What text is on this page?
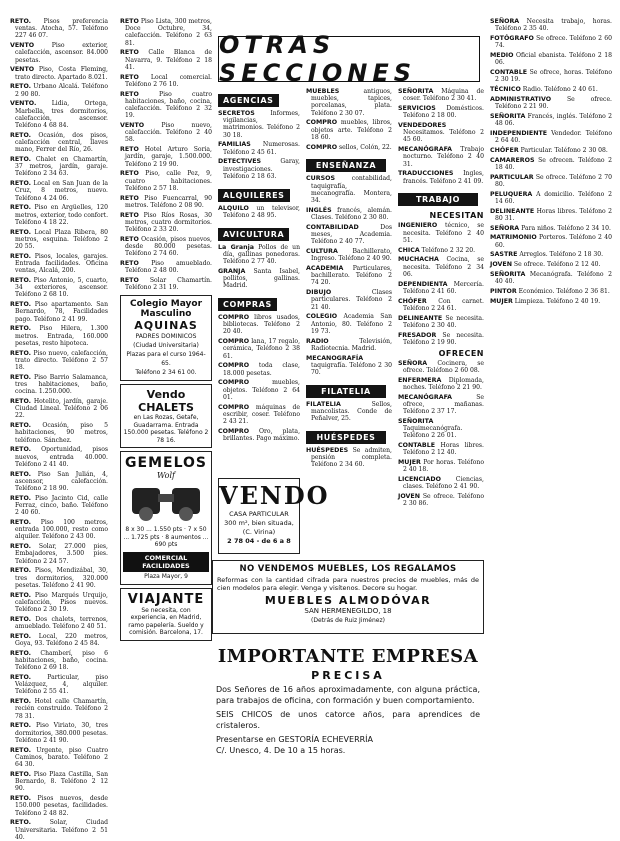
RETO. Pisos preferencia ventas. Atocha, 57. Teléfono 227 46 07.

VENTO Piso exterior, calefacción, ascensor. 84.000 pesetas.

VENTO Piso, Costa Fleming, trato directo. Apartado 8.021.

RETO. Urbano Alcalá. Teléfono 2 90 80.

VENTO. Lidia, Ortega, Marbella, tres dormitorios, calefacción, ascensor. Teléfono 4 68 84.

RETO. Ocasión, dos pisos, calefacción central, llaves mano, Ferrer del Río, 26.

RETO. Chalet en Chamartín, 37 metros, jardín, garaje. Teléfono 2 34 63.

RETO. Local en San Juan de la Cruz, 8 metros, nuevo. Teléfono 4 24 06.

RETO. Piso en Argüelles, 120 metros, exterior, todo confort. Teléfono 4 18 22.

RETO. Local Plaza Ribera, 80 metros, esquina. Teléfono 2 20 55.

RETO. Pisos, locales, garajes. Entrada facilidades. Oficina ventas, Alcalá, 200.

RETO. Piso Antonio, 5, cuarto, 34 exteriores, ascensor. Teléfono 2 68 10.

RETO. Piso apartamento. San Bernardo, 78, Facilidades pago. Teléfono 2 41 99.

RETO. Piso Hilera, 1.300 metros. Entrada, 160.000 pesetas, resto hipoteca.

RETO. Piso nuevo, calefacción, trato directo. Teléfono 2 57 18.

RETO. Piso Barrio Salamanca, tres habitaciones, baño, cocina. 1.250.000.

RETO. Hotelito, jardín, garaje. Ciudad Lineal. Teléfono 2 06 22.

RETO. Ocasión, piso 5 habitaciones, 90 metros, teléfono. Sánchez.

RETO. Oportunidad, pisos nuevos, entrada 40.000. Teléfono 2 41 40.

RETO. Piso San Julián, 4, ascensor, calefacción. Teléfono 2 18 90.

RETO. Piso Jacinto Cid, calle Ferraz, cinco, baño. Teléfono 2 40 60.

RETO. Piso 100 metros, entrada 100.000, resto como alquiler. Teléfono 2 43 00.

RETO. Solar, 27.000 pies, Embajadores, 3.500 pies. Teléfono 2 24 57.

RETO. Pisos, Mendizábal, 30, tres dormitorios, 320.000 pesetas. Teléfono 2 41 90.

RETO. Piso Marqués Urquijo, calefacción, Pisos nuevos. Teléfono 2 30 19.

RETO. Dos chalets, terrenos, amueblado. Teléfono 2 40 51.

RETO. Local, 220 metros, Goya, 93. Teléfono 2 45 84.

RETO. Chamberí, piso 6 habitaciones, baño, cocina. Teléfono 2 69 18.

RETO. Particular, piso Velázquez, 4, alquiler. Teléfono 2 55 41.

RETO. Hotel calle Chamartín, recién construido. Teléfono 2 78 31.

RETO. Piso Viriato, 30, tres dormitorios, 380.000 pesetas. Teléfono 2 41 90.

RETO. Urgente, piso Cuatro Caminos, barato. Teléfono 2 64 30.

RETO. Piso Plaza Castilla, San Bernardo, 8. Teléfono 2 12 90.

RETO. Pisos nuevos, desde 150.000 pesetas, facilidades. Teléfono 2 48 82.

RETO. Solar, Ciudad Universitaria. Teléfono 2 51 40.

RETO Piso Lista, 300 metros, Doce Octubre, 34, calefacción. Teléfono 2 63 81.

RETO Calle Blanca de Navarra, 9. Teléfono 2 18 41.

RETO Local comercial. Teléfono 2 76 10.

RETO Piso cuatro habitaciones, baño, cocina, calefacción. Teléfono 2 32 19.

VENTO Piso nuevo, calefacción. Teléfono 2 40 58.

RETO Hotel Arturo Soria, jardín, garaje, 1.500.000. Teléfono 2 19 90.

RETO Piso, calle Pez, 9, cuatro habitaciones. Teléfono 2 57 18.

RETO Piso Fuencarral, 90 metros. Teléfono 2 08 90.

RETO Piso Ríos Rosas, 30 metros, cuatro dormitorios. Teléfono 2 33 20.

RETO Ocasión, pisos nuevos, desde 80.000 pesetas. Teléfono 2 74 60.

RETO Piso amueblado. Teléfono 2 48 00.

RETO Solar Chamartín. Teléfono 2 31 19.

Colegio Mayor
Masculino
AQUINAS
PADRES DOMINICOS
(Ciudad Universitaria)
Plazas para el curso 1964-65.
Teléfono 2 34 61 00.
Vendo CHALETS
en Las Rozas, Getafe, Guadarrama. Entrada 150.000 pesetas. Teléfono 2 78 16.
GEMELOS
Wolf
8 x 30 ... 1.550 pts · 7 x 50 ... 1.725 pts · 8 aumentos ... 690 pts
COMERCIAL FACILIDADES
Plaza Mayor, 9
VIAJANTE
Se necesita, con experiencia, en Madrid, ramo papelería. Sueldo y comisión. Barcelona, 17.
OTRAS SECCIONES
AGENCIAS

SECRETOS Informes, vigilancias, matrimonios. Teléfono 2 30 18.

FAMILIAS Numerosas. Teléfono 2 45 61.

DETECTIVES Garay, investigaciones. Teléfono 2 18 63.

ALQUILERES

ALQUILO un televisor, Teléfono 2 48 95.

AVICULTURA

La Granja Pollos de un día, gallinas ponedoras. Teléfono 2 77 40.

GRANJA Santa Isabel, pollitos, gallinas. Madrid.

COMPRAS

COMPRO libros usados, bibliotecas. Teléfono 2 20 40.

COMPRO lana, 17 regalo, cerámica, Teléfono 2 38 61.

COMPRO toda clase, 18.000 pesetas.

COMPRO muebles, objetos. Teléfono 2 64 01.

COMPRO máquinas de escribir, coser. Teléfono 2 43 21.

COMPRO Oro, plata, brillantes. Pago máximo.

VENDO
CASA PARTICULAR
300 m², bien situada,
(C. Virina)
2 78 04 - de 6 a 8

MUEBLES antiguos, muebles, tapices, porcelanas, plata. Teléfono 2 30 07.

COMPRO muebles, libros, objetos arte. Teléfono 2 18 60.

COMPRO sellos, Colón, 22.

ENSEÑANZA

CURSOS contabilidad, taquigrafía, mecanografía. Montera, 34.

INGLÉS francés, alemán. Clases. Teléfono 2 30 80.

CONTABILIDAD Dos meses, Academia. Teléfono 2 40 77.

CULTURA Bachillerato, Ingreso. Teléfono 2 40 90.

ACADEMIA Particulares, bachillerato. Teléfono 2 74 20.

DIBUJO Clases particulares. Teléfono 2 21 40.

COLEGIO Academia San Antonio, 80. Teléfono 2 19 73.

RADIO Televisión, Radiotecnia. Madrid.

MECANOGRAFÍA taquigrafía. Teléfono 2 30 70.

FILATELIA

FILATELIA Sellos, mancolistas. Conde de Peñalver, 25.

HUÉSPEDES

HUÉSPEDES Se admiten, pensión completa. Teléfono 2 34 60.

SEÑORITA Máquina de coser. Teléfono 2 30 41.

SERVICIOS Domésticos. Teléfono 2 18 00.

VENDEDORES Necesitamos. Teléfono 2 45 60.

MECANÓGRAFA Trabajo nocturno. Teléfono 2 40 31.

TRADUCCIONES Ingles, francés. Teléfono 2 41 09.

TRABAJO
NECESITAN

INGENIERO técnico, se necesita. Teléfono 2 40 51.

CHICA Teléfono 2 32 20.

MUCHACHA Cocina, se necesita. Teléfono 2 34 06.

DEPENDIENTA Mercería. Teléfono 2 41 60.

CHÓFER Con carnet. Teléfono 2 24 61.

DELINEANTE Se necesita. Teléfono 2 30 40.

FRESADOR Se necesita. Teléfono 2 19 90.

OFRECEN

SEÑORA Cocinera, se ofrece. Teléfono 2 60 08.

ENFERMERA Diplomada, noches. Teléfono 2 21 90.

MECANÓGRAFA Se ofrece, mañanas. Teléfono 2 37 17.

SEÑORITA Taquimecanógrafa. Teléfono 2 26 01.

CONTABLE Horas libres. Teléfono 2 12 40.

MUJER Por horas. Teléfono 2 40 18.

LICENCIADO Ciencias, clases. Teléfono 2 41 90.

JOVEN Se ofrece. Teléfono 2 30 86.

NO VENDEMOS MUEBLES, LOS REGALAMOS
Reformas con la cantidad cifrada para nuestros precios de muebles, más de cien modelos para elegir. Venga y visítenos. Decore su hogar.
MUEBLES ALMODÓVAR
SAN HERMENEGILDO, 18
(Detrás de Ruiz Jiménez)
IMPORTANTE EMPRESA
PRECISA
Dos Señores de 16 años aproximadamente, con alguna práctica, para trabajos de oficina, con formación y buen comportamiento.
SEIS CHICOS de unos catorce años, para aprendices de cristaleros.
Presentarse en GESTORÍA ECHEVERRÍA
C/. Unesco, 4. De 10 a 15 horas.

SEÑORA Necesita trabajo, horas. Teléfono 2 35 40.

FOTÓGRAFO Se ofrece. Teléfono 2 60 74.

MEDIO Oficial ebanista. Teléfono 2 18 06.

CONTABLE Se ofrece, horas. Teléfono 2 30 19.

TÉCNICO Radio. Teléfono 2 40 61.

ADMINISTRATIVO Se ofrece. Teléfono 2 21 90.

SEÑORITA Francés, inglés. Teléfono 2 48 06.

INDEPENDIENTE Vendedor. Teléfono 2 64 40.

CHÓFER Particular. Teléfono 2 30 08.

CAMAREROS Se ofrecen. Teléfono 2 18 40.

PARTICULAR Se ofrece. Teléfono 2 70 80.

PELUQUERA A domicilio. Teléfono 2 14 60.

DELINEANTE Horas libres. Teléfono 2 80 31.

SEÑORA Para niños. Teléfono 2 34 10.

MATRIMONIO Porteros. Teléfono 2 40 60.

SASTRE Arreglos. Teléfono 2 18 30.

JOVEN Se ofrece. Teléfono 2 12 40.

SEÑORITA Mecanógrafa. Teléfono 2 40 40.

PINTOR Económico. Teléfono 2 36 81.

MUJER Limpieza. Teléfono 2 40 19.
